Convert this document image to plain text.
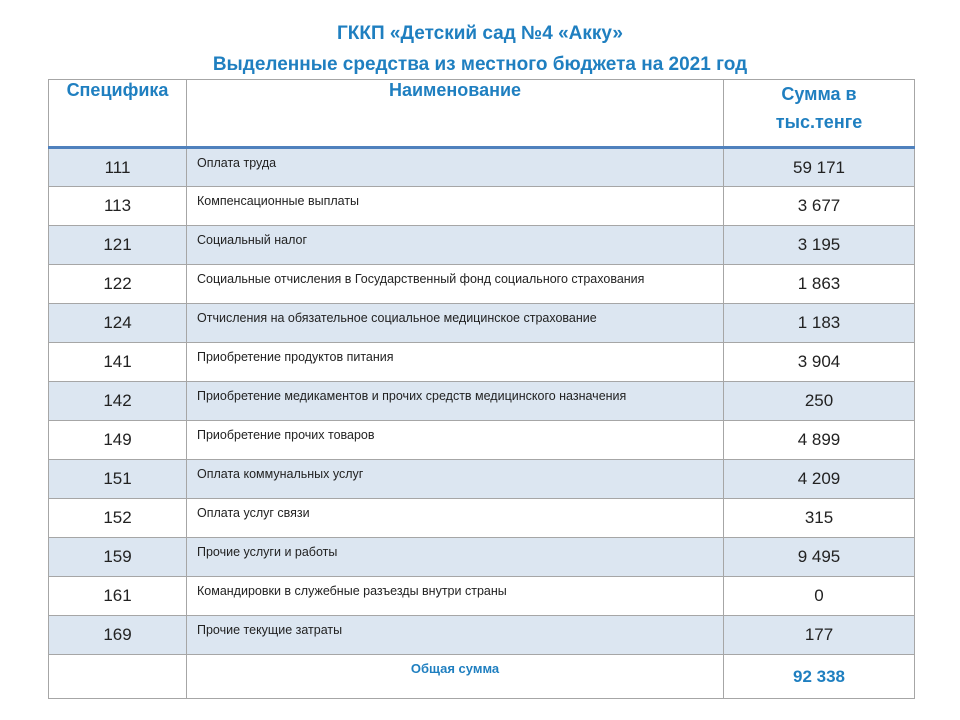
ГККП «Детский сад №4 «Акку»
Выделенные средства из местного бюджета на 2021 год
Специфика	Наименование	Сумма в
тыс.тенге
111	Оплата труда	59 171
113	Компенсационные выплаты	3 677
121	Социальный налог	3 195
122	Социальные отчисления в Государственный фонд социального страхования	1 863
124	Отчисления на обязательное социальное медицинское страхование	1 183
141	Приобретение продуктов питания	3 904
142	Приобретение медикаментов и прочих средств медицинского назначения	250
149	Приобретение прочих товаров	4 899
151	Оплата коммунальных услуг	4 209
152	Оплата услуг связи	315
159	Прочие услуги и работы	9 495
161	Командировки в служебные разъезды внутри страны	0
169	Прочие текущие затраты	177
	Общая сумма	92 338
